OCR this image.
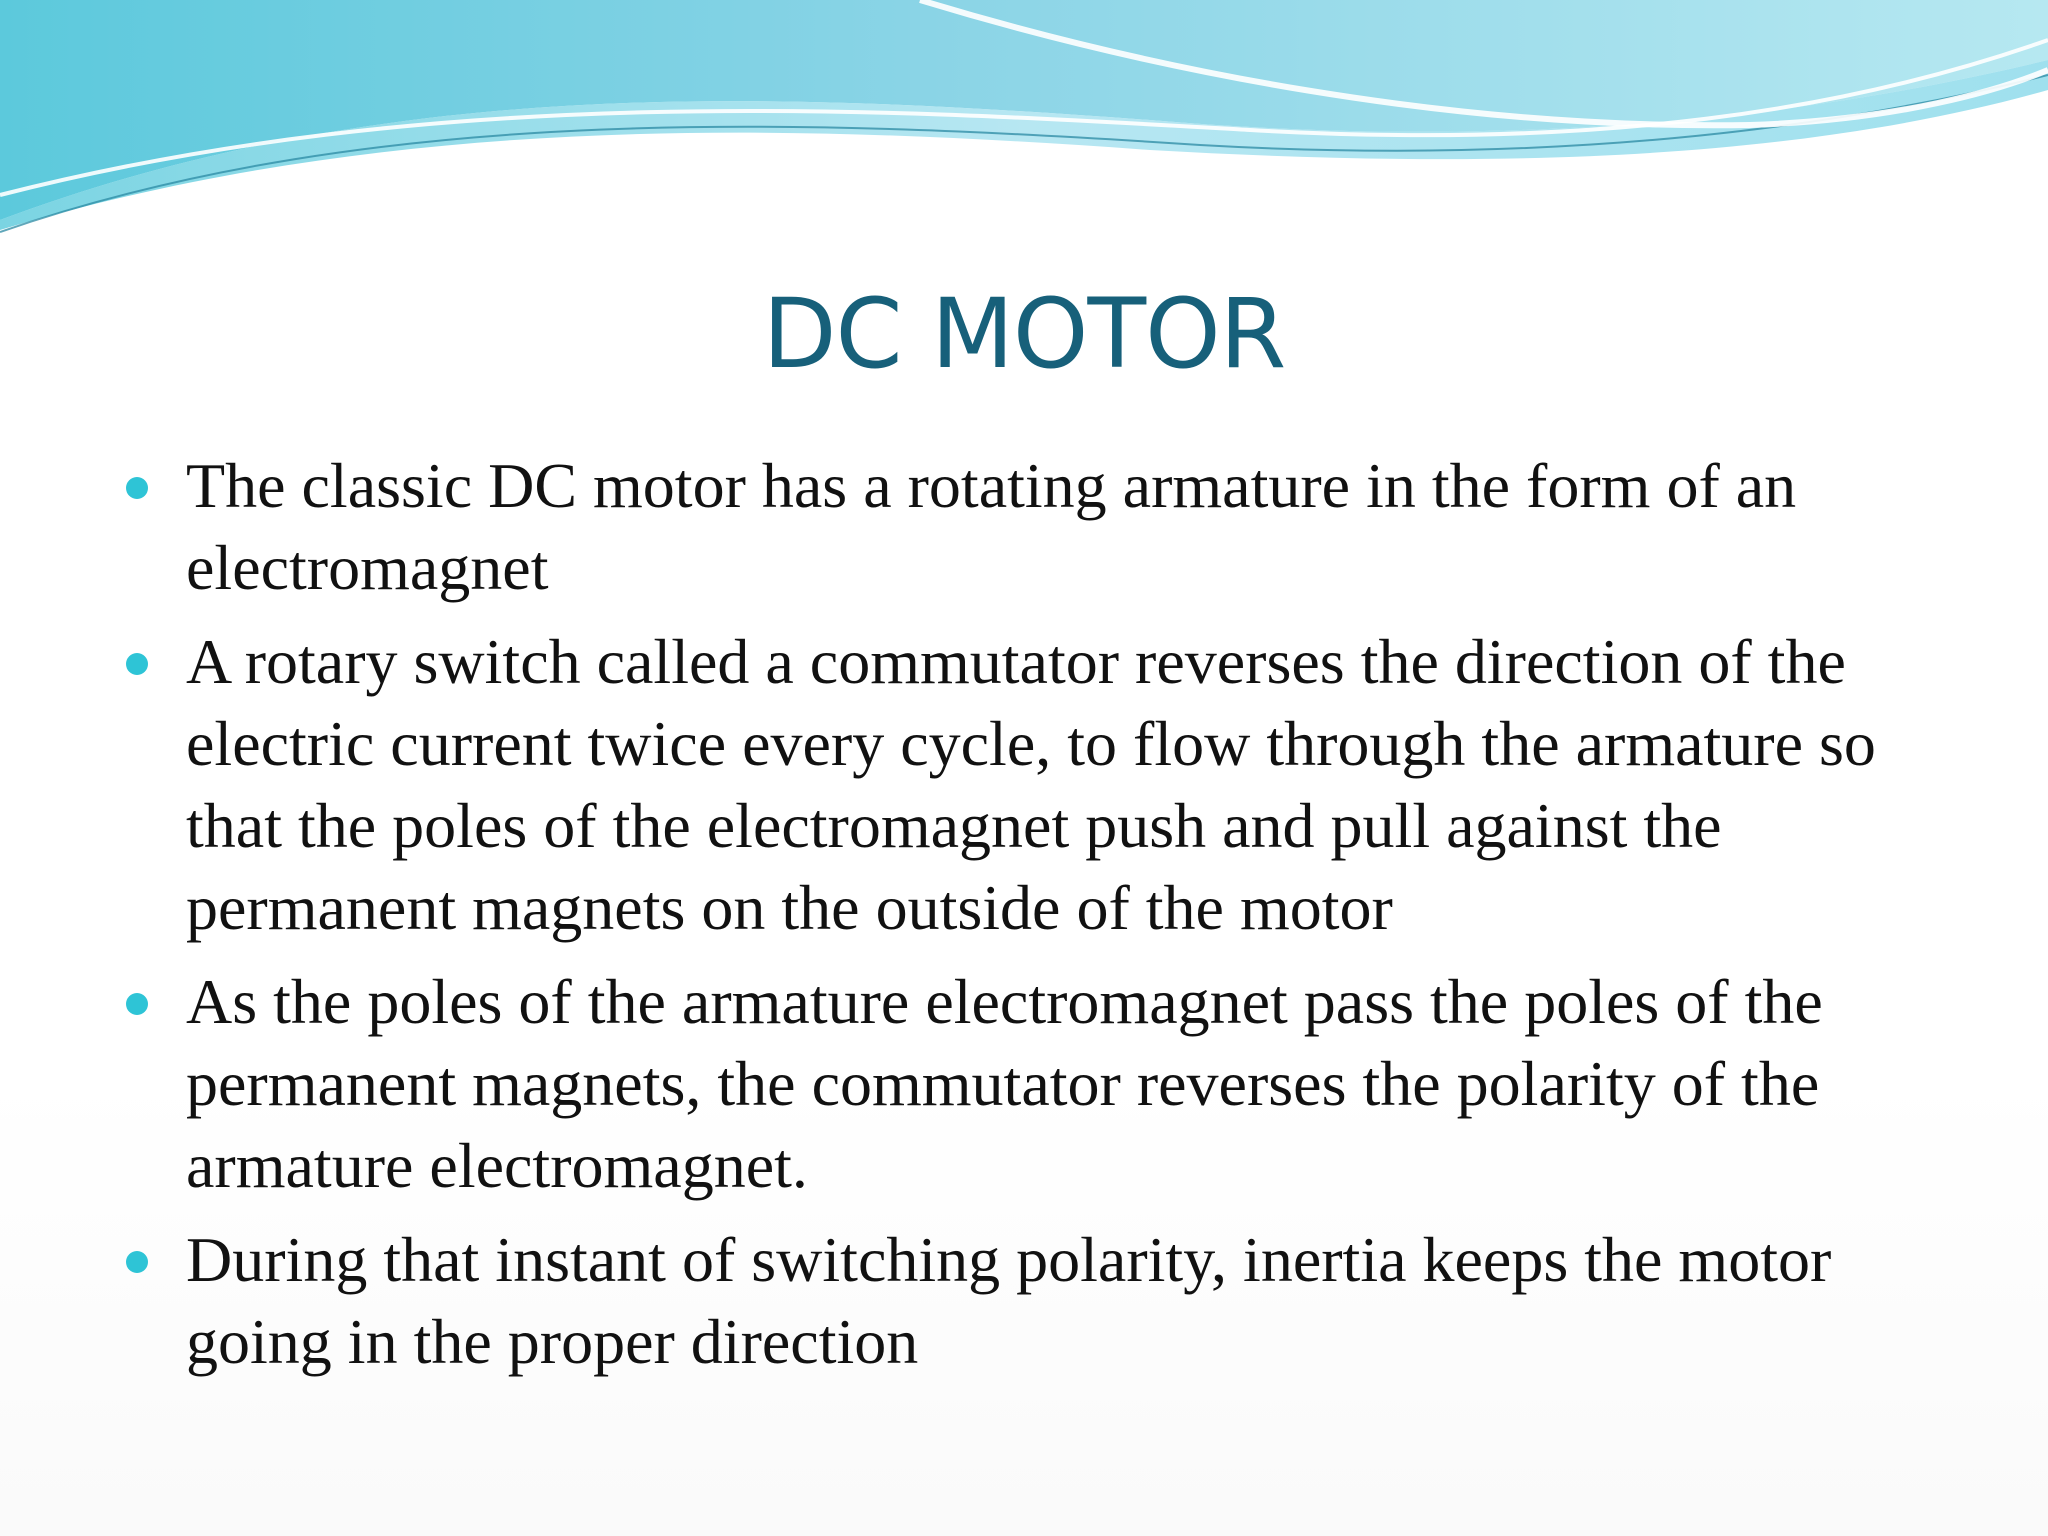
DC MOTOR
The classic DC motor has a rotating armature in the form of an electromagnet
A rotary switch called a commutator reverses the direction of the electric current twice every cycle, to flow through the armature so that the poles of the electromagnet push and pull against the permanent magnets on the outside of the motor
As the poles of the armature electromagnet pass the poles of the permanent magnets, the commutator reverses the polarity of the armature electromagnet.
During that instant of switching polarity, inertia keeps the motor going in the proper direction
